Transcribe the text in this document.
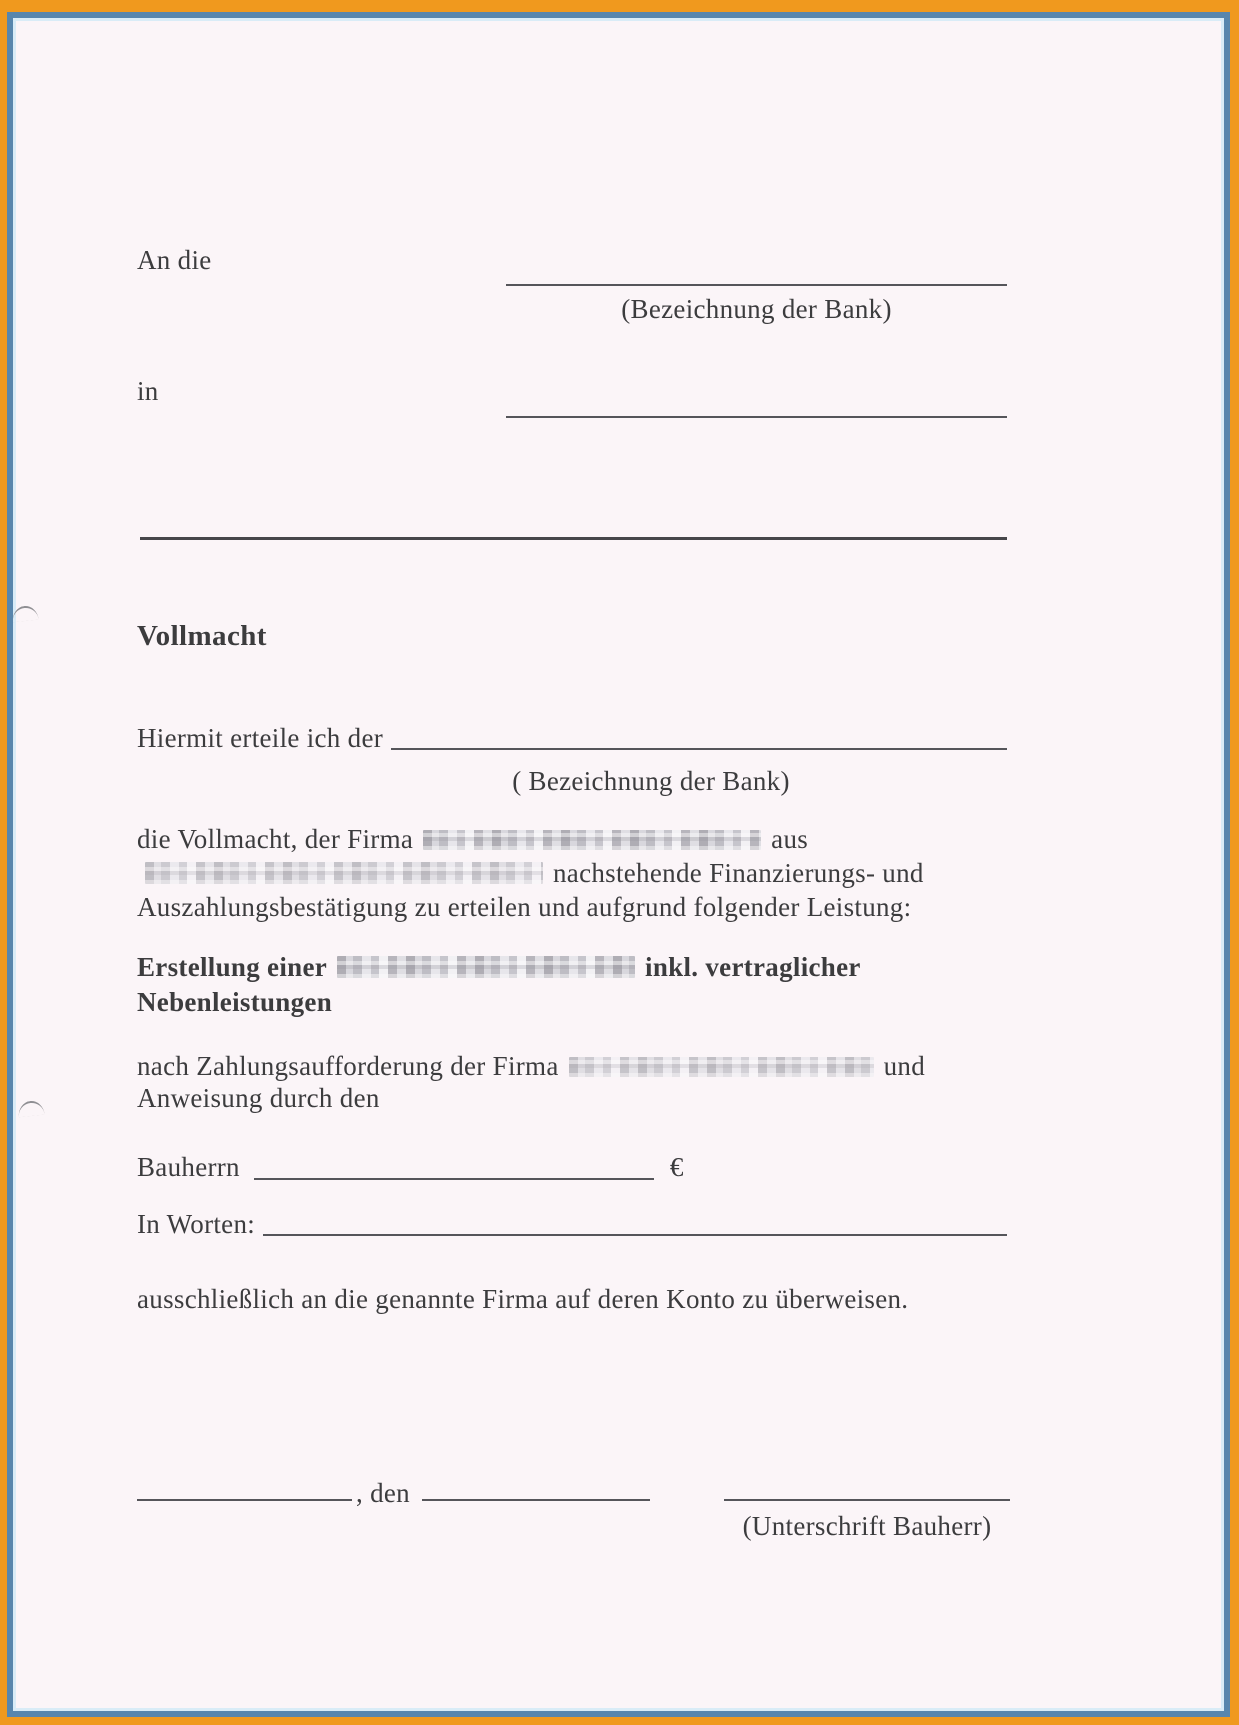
An die
(Bezeichnung der Bank)
in
Vollmacht
Hiermit erteile ich der
( Bezeichnung der Bank)
die Vollmacht, der Firma	aus
nachstehende Finanzierungs- und
Auszahlungsbestätigung zu erteilen und aufgrund folgender Leistung:
Erstellung einer	inkl. vertraglicher
Nebenleistungen
nach Zahlungsaufforderung der Firma	und
Anweisung durch den
Bauherrn	€
In Worten:
ausschließlich an die genannte Firma auf deren Konto zu überweisen.
, den
(Unterschrift Bauherr)
